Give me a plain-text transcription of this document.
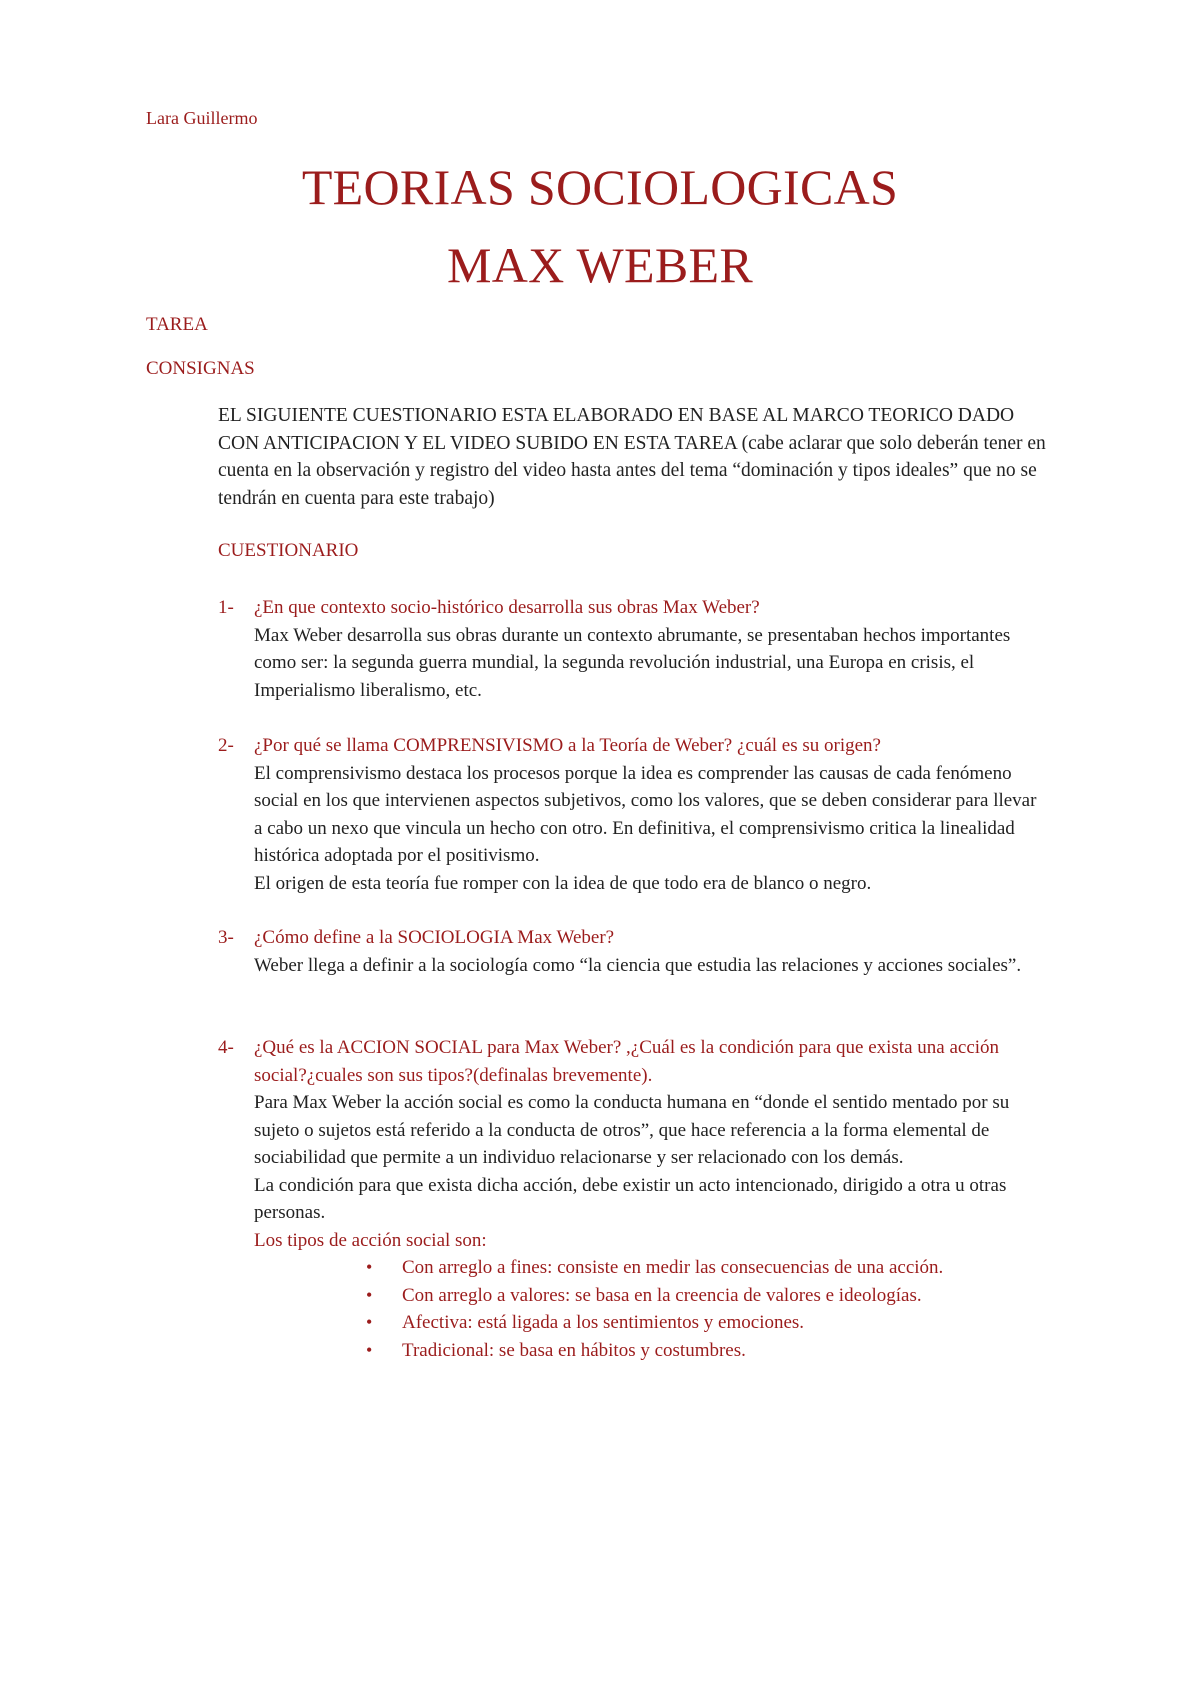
Lara Guillermo
TEORIAS SOCIOLOGICAS
MAX WEBER
TAREA
CONSIGNAS
EL SIGUIENTE CUESTIONARIO ESTA ELABORADO EN BASE AL MARCO TEORICO DADO CON ANTICIPACION Y EL VIDEO SUBIDO EN ESTA TAREA (cabe aclarar que solo deberán tener en cuenta en la observación y registro del video hasta antes del tema “dominación y tipos ideales” que no se tendrán en cuenta para este trabajo)
CUESTIONARIO
1-	¿En que contexto socio-histórico desarrolla sus obras Max Weber?
Max Weber desarrolla sus obras durante un contexto abrumante, se presentaban hechos importantes como ser: la segunda guerra mundial, la segunda revolución industrial, una Europa en crisis, el Imperialismo liberalismo, etc.
2-	¿Por qué se llama COMPRENSIVISMO a la Teoría de Weber? ¿cuál es su origen?
El comprensivismo destaca los procesos porque la idea es comprender las causas de cada fenómeno social en los que intervienen aspectos subjetivos, como los valores, que se deben considerar para llevar a cabo un nexo que vincula un hecho con otro. En definitiva, el comprensivismo critica la linealidad histórica adoptada por el positivismo.
El origen de esta teoría fue romper con la idea de que todo era de blanco o negro.
3-	¿Cómo define a la SOCIOLOGIA Max Weber?
Weber llega a definir a la sociología como “la ciencia que estudia las relaciones y acciones sociales”.
4-	¿Qué es la ACCION SOCIAL para Max Weber? ,¿Cuál es la condición para que exista una acción social?¿cuales son sus tipos?(definalas brevemente).
Para Max Weber la acción social es como la conducta humana en “donde el sentido mentado por su sujeto o sujetos está referido a la conducta de otros”, que hace referencia a la forma elemental de sociabilidad que permite a un individuo relacionarse y ser relacionado con los demás.
La condición para que exista dicha acción, debe existir un acto intencionado, dirigido a otra u otras personas.
Los tipos de acción social son:
• Con arreglo a fines: consiste en medir las consecuencias de una acción.
• Con arreglo a valores: se basa en la creencia de valores e ideologías.
• Afectiva: está ligada a los sentimientos y emociones.
• Tradicional: se basa en hábitos y costumbres.
